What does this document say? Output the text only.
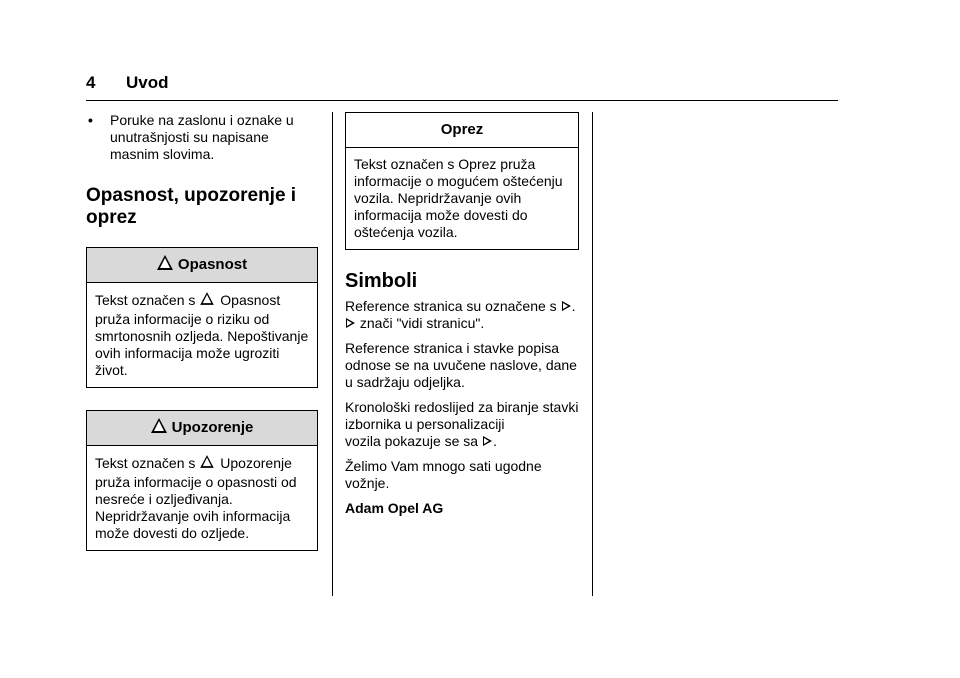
4 Uvod
•	Poruke na zaslonu i oznake u unutrašnjosti su napisane masnim slovima.
Opasnost, upozorenje i oprez
Opasnost

Tekst označen s Opasnost

pruža informacije o riziku od smrtonosnih ozljeda. Nepoštivanje ovih informacija može ugroziti život.

Upozorenje

Tekst označen s Upozorenje

pruža informacije o opasnosti od nesreće i ozljeđivanja. Nepridržavanje ovih informacija može dovesti do ozljede.

Oprez

Tekst označen s Oprez pruža informacije o mogućem oštećenju vozila. Nepridržavanje ovih informacija može dovesti do oštećenja vozila.

Simboli

Reference stranica su označene s .  znači "vidi stranicu".

Reference stranica i stavke popisa odnose se na uvučene naslove, dane u sadržaju odjeljka.

Kronološki redoslijed za biranje stavki izbornika u personalizaciji
vozila pokazuje se sa .

Želimo Vam mnogo sati ugodne vožnje.

Adam Opel AG
